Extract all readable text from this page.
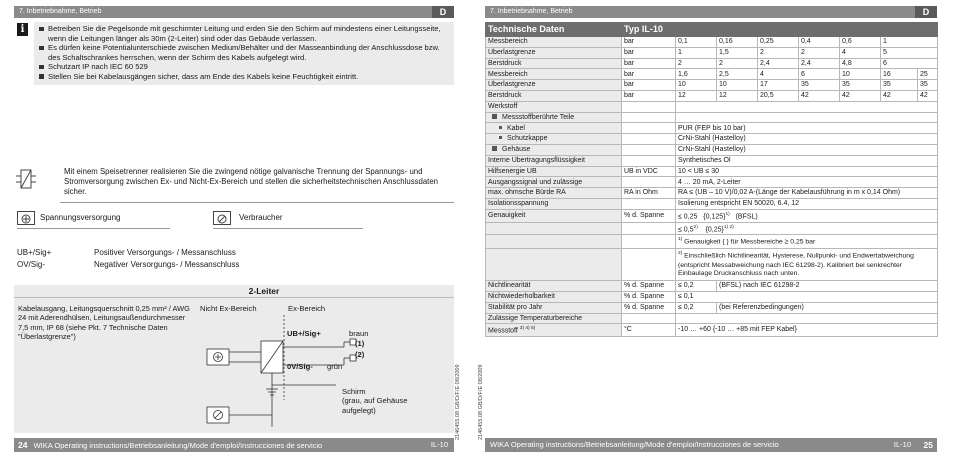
7. Inbetriebnahme, Betrieb	D
i	Betreiben Sie die Pegelsonde mit geschirmter Leitung und erden Sie den Schirm auf mindestens einer Leitungsseite, wenn die Leitungen länger als 30m (2-Leiter) sind oder das Gebäude verlassen.
Es dürfen keine Potentialunterschiede zwischen Medium/Behälter und der Masseanbindung der Anschlussdose bzw. des Schaltschrankes herrschen, wenn der Schirm des Kabels aufgelegt wird.
Schutzart IP nach IEC 60 529
Stellen Sie bei Kabelausgängen sicher, dass am Ende des Kabels keine Feuchtigkeit eintritt.
Mit einem Speisetrenner realisieren Sie die zwingend nötige galvanische Trennung der Spannungs- und Stromversorgung zwischen Ex- und Nicht-Ex-Bereich und stellen die sicherheitstechnischen Anschlussdaten sicher.
Spannungsversorgung	Verbraucher
UB+/Sig+	Positiver Versorgungs- / Messanschluss
OV/Sig-	Negativer Versorgungs- / Messanschluss
2-Leiter
Kabelausgang, Leitungsquerschnitt 0,25 mm² / AWG 24 mit Aderendhülsen, Leitungsaußendurchmesser 7,5 mm, IP 68 (siehe Pkt. 7 Technische Daten "Überlastgrenze")
Nicht Ex-Bereich	Ex-Bereich
UB+/Sig+	braun
(1)
(2)
0V/Sig- grün
Schirm
(grau, auf Gehäuse
aufgelegt)
24 WIKA Operating instructions/Betriebsanleitung/Mode d'emploi/Instrucciones de servicio	IL-10
2146455.08 GB/D/F/E 08/2009	2146455.08 GB/D/F/E 08/2009
7. Inbetriebnahme, Betrieb	D
Technische Daten	Typ IL-10							
Messbereich	bar	0,1	0,16	0,25	0,4	0,6	1	
Überlastgrenze	bar	1	1,5	2	2	4	5	
Berstdruck	bar	2	2	2,4	2,4	4,8	6	
Messbereich	bar	1,6	2,5	4	6	10	16	25
Überlastgrenze	bar	10	10	17	35	35	35	35
Berstdruck	bar	12	12	20,5	42	42	42	42
Werkstoff								
Messstoffberührte Teile								
Kabel		PUR (FEP bis 10 bar)						
Schutzkappe		CrNi-Stahl (Hastelloy)						
Gehäuse		CrNi-Stahl (Hastelloy)						
Interne Übertragungsflüssigkeit		Synthetisches Öl						
Hilfsenergie UB	UB in VDC	10 < UB ≤ 30						
Ausgangssignal und zulässige		4 … 20 mA, 2-Leiter						
max. ohmsche Bürde RA	RA in Ohm	RA ≤ (UB – 10 V)/0,02 A-(Länge der Kabelausführung in m x 0,14 Ohm)						
Isolationsspannung		Isolierung entspricht EN 50020, 6.4, 12						
Genauigkeit	% d. Spanne	≤ 0,25 $\{0,125\}^{1)}$ (BFSL)						
		≤ $0,5^{2)}$ $\{0,25\}^{1) 2)}$
		$^{1)}$ Genauigkeit { } für Messbereiche ≥ 0,25 bar						
		$^{2)}$ Einschließlich Nichtlinearität, Hysterese, Nullpunkt- und Endwertabweichung (entspricht Messabweichung nach IEC 61298-2). Kalibriert bei senkrechter Einbaulage Druckanschluss nach unten.						
Nichtlinearität	% d. Spanne	≤ 0,2	(BFSL) nach IEC 61298-2					
Nichtwiederholbarkeit	% d. Spanne	≤ 0,1						
Stabilität pro Jahr	% d. Spanne	≤ 0,2	(bei Referenzbedingungen)					
Zulässige Temperaturbereiche								
Messstoff $^{3) 4) 5)}$	°C	-10 … +60 {-10 … +85 mit FEP Kabel}						
WIKA Operating instructions/Betriebsanleitung/Mode d'emploi/Instrucciones de servicio	IL-10 25
